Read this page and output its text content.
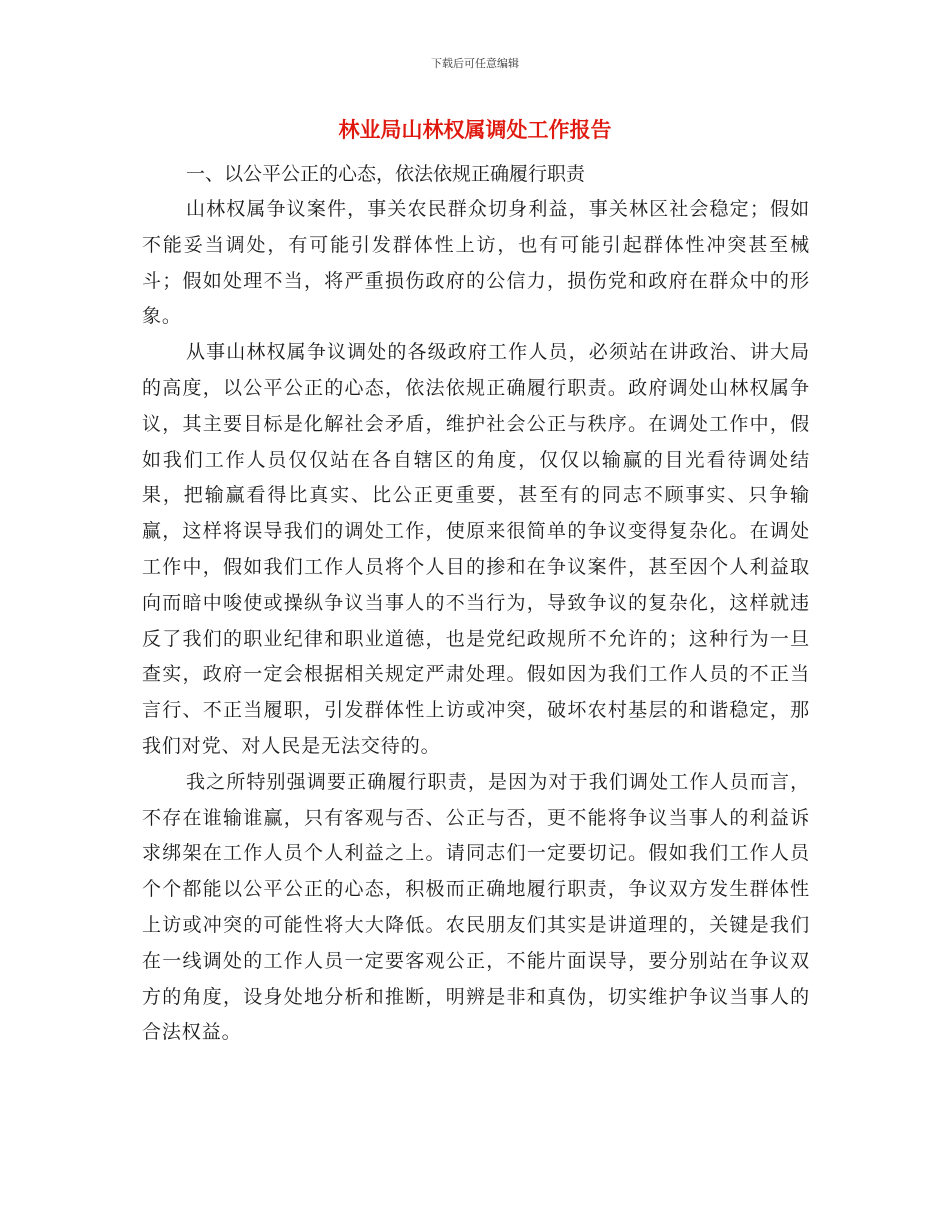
下载后可任意编辑
林业局山林权属调处工作报告

一、以公平公正的心态，依法依规正确履行职责

山林权属争议案件，事关农民群众切身利益，事关林区社会稳定；假如不能妥当调处，有可能引发群体性上访，也有可能引起群体性冲突甚至械斗；假如处理不当，将严重损伤政府的公信力，损伤党和政府在群众中的形象。

从事山林权属争议调处的各级政府工作人员，必须站在讲政治、讲大局的高度，以公平公正的心态，依法依规正确履行职责。政府调处山林权属争议，其主要目标是化解社会矛盾，维护社会公正与秩序。在调处工作中，假如我们工作人员仅仅站在各自辖区的角度，仅仅以输赢的目光看待调处结果，把输赢看得比真实、比公正更重要，甚至有的同志不顾事实、只争输赢，这样将误导我们的调处工作，使原来很简单的争议变得复杂化。在调处工作中，假如我们工作人员将个人目的掺和在争议案件，甚至因个人利益取向而暗中唆使或操纵争议当事人的不当行为，导致争议的复杂化，这样就违反了我们的职业纪律和职业道德，也是党纪政规所不允许的；这种行为一旦查实，政府一定会根据相关规定严肃处理。假如因为我们工作人员的不正当言行、不正当履职，引发群体性上访或冲突，破坏农村基层的和谐稳定，那我们对党、对人民是无法交待的。

我之所特别强调要正确履行职责，是因为对于我们调处工作人员而言，不存在谁输谁赢，只有客观与否、公正与否，更不能将争议当事人的利益诉求绑架在工作人员个人利益之上。请同志们一定要切记。假如我们工作人员个个都能以公平公正的心态，积极而正确地履行职责，争议双方发生群体性上访或冲突的可能性将大大降低。农民朋友们其实是讲道理的，关键是我们在一线调处的工作人员一定要客观公正，不能片面误导，要分别站在争议双方的角度，设身处地分析和推断，明辨是非和真伪，切实维护争议当事人的合法权益。
